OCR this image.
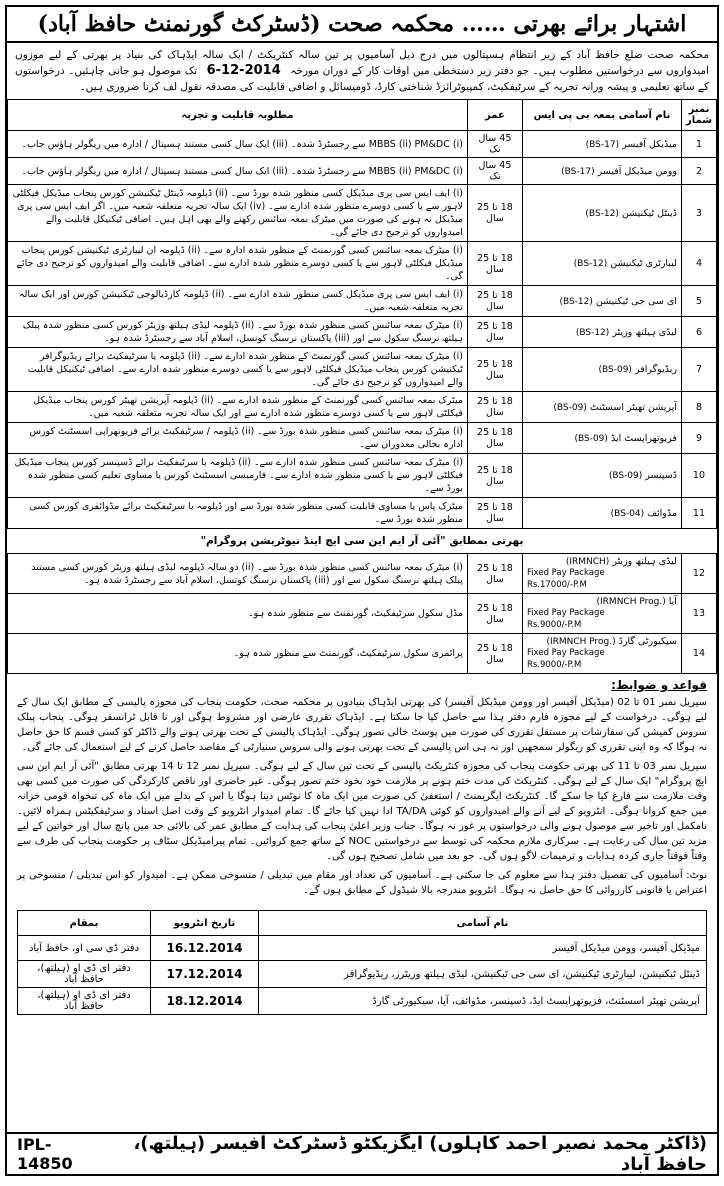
اشتہار برائے بھرتی …… محکمہ صحت (ڈسٹرکٹ گورنمنٹ حافظ آباد)
محکمہ صحت ضلع حافظ آباد کے زیر انتظام ہسپتالوں میں درج ذیل آسامیوں پر تین سالہ کنٹریکٹ / ایک سالہ ایڈہاک کی بنیاد پر بھرتی کے لیے موزوں امیدواروں سے درخواستیں مطلوب ہیں۔ جو دفتر زیر دستخطی میں اوقات کار کے دوران مورخہ 6-12-2014 تک موصول ہو جانی چاہئیں۔ درخواستوں کے ساتھ تعلیمی و پیشہ ورانہ تجربہ کے سرٹیفکیٹ، کمپیوٹرائزڈ شناختی کارڈ، ڈومیسائل و اضافی قابلیت کی مصدقہ نقول لف کرنا ضروری ہیں۔
نمبر شمار	نام آسامی بمعہ بی پی ایس	عمر	مطلوبہ قابلیت و تجربہ
1	میڈیکل آفیسر (BS-17)	45 سال تک	(i) MBBS (ii) PM&DC سے رجسٹرڈ شدہ۔ (iii) ایک سال کسی مستند ہسپتال / ادارہ میں ریگولر ہاؤس جاب۔
2	وومن میڈیکل آفیسر (BS-17)	45 سال تک	(i) MBBS (ii) PM&DC سے رجسٹرڈ شدہ۔ (iii) ایک سال کسی مستند ہسپتال / ادارہ میں ریگولر ہاؤس جاب۔
3	ڈینٹل ٹیکنیشن (BS-12)	18 تا 25 سال	(i) ایف ایس سی پری میڈیکل کسی منظور شدہ بورڈ سے۔ (ii) ڈپلومہ ڈینٹل ٹیکنیشن کورس پنجاب میڈیکل فیکلٹی لاہور سے یا کسی دوسرے منظور شدہ ادارے سے۔ (iv) ایک سالہ تجربہ متعلقہ شعبہ میں۔ اگر ایف ایس سی پری میڈیکل نہ ہونے کی صورت میں میٹرک بمعہ سائنس رکھنے والے بھی اہل ہیں۔ اضافی ٹیکنیکل قابلیت والے امیدواروں کو ترجیح دی جائے گی۔
4	لیبارٹری ٹیکنیشن (BS-12)	18 تا 25 سال	(i) میٹرک بمعہ سائنس کسی گورنمنٹ کے منظور شدہ ادارہ سے۔ (ii) ڈپلومہ ان لیبارٹری ٹیکنیشن کورس پنجاب میڈیکل فیکلٹی لاہور سے یا کسی دوسرے منظور شدہ ادارے سے۔ اضافی قابلیت والے امیدواروں کو ترجیح دی جائے گی۔
5	ای سی جی ٹیکنیشن (BS-12)	18 تا 25 سال	(i) ایف ایس سی پری میڈیکل کسی منظور شدہ ادارے سے۔ (ii) ڈپلومہ کارڈیالوجی ٹیکنیشن کورس اور ایک سالہ تجربہ متعلقہ شعبہ میں۔
6	لیڈی ہیلتھ وزیٹر (BS-12)	18 تا 25 سال	(i) میٹرک بمعہ سائنس کسی منظور شدہ بورڈ سے۔ (ii) ڈپلومہ لیڈی ہیلتھ وزیٹر کورس کسی منظور شدہ پبلک ہیلتھ نرسنگ سکول سے اور (iii) پاکستان نرسنگ کونسل، اسلام آباد سے رجسٹرڈ شدہ ہو۔
7	ریڈیوگرافر (BS-09)	18 تا 25 سال	(i) میٹرک بمعہ سائنس کسی گورنمنٹ کے منظور شدہ ادارے سے۔ (ii) ڈپلومہ یا سرٹیفکیٹ برائے ریڈیوگرافر ٹیکنیشن کورس پنجاب میڈیکل فیکلٹی لاہور سے یا کسی دوسرے منظور شدہ ادارے سے۔ اضافی ٹیکنیکل قابلیت والے امیدواروں کو ترجیح دی جائے گی۔
8	آپریشن تھیٹر اسسٹنٹ (BS-09)	18 تا 25 سال	میٹرک بمعہ سائنس کسی گورنمنٹ کے منظور شدہ ادارے سے۔ (ii) ڈپلومہ آپریشن تھیٹر کورس پنجاب میڈیکل فیکلٹی لاہور سے یا کسی دوسرے منظور شدہ ادارے سے اور ایک سالہ تجربہ متعلقہ شعبہ میں۔
9	فزیوتھراپسٹ ایڈ (BS-09)	18 تا 25 سال	(i) میٹرک بمعہ سائنس کسی منظور شدہ بورڈ سے۔ (ii) ڈپلومہ / سرٹیفکیٹ برائے فزیوتھراپی اسسٹنٹ کورس ادارہ بحالی معذوراں سے۔
10	ڈسپنسر (BS-09)	18 تا 25 سال	(i) میٹرک بمعہ سائنس کسی منظور شدہ ادارے سے۔ (ii) ڈپلومہ یا سرٹیفکیٹ برائے ڈسپنسر کورس پنجاب میڈیکل فیکلٹی لاہور سے یا کسی منظور شدہ ادارے سے۔ فارمیسی اسسٹنٹ کورس یا مساوی تعلیم کسی منظور شدہ بورڈ سے۔
11	مڈوائف (BS-04)	18 تا 25 سال	میٹرک پاس یا مساوی قابلیت کسی منظور شدہ بورڈ سے اور ڈپلومہ یا سرٹیفکیٹ برائے مڈوائفری کورس کسی منظور شدہ بورڈ سے۔
بھرتی بمطابق "آئی آر ایم این سی ایچ اینڈ نیوٹریشن پروگرام"			
12	لیڈی ہیلتھ وزیٹر (IRMNCH)
Fixed Pay Package
Rs.17000/-P.M	18 تا 25 سال	(i) میٹرک بمعہ سائنس کسی منظور شدہ بورڈ سے۔ (ii) دو سالہ ڈپلومہ لیڈی ہیلتھ وزیٹر کورس کسی مستند پبلک ہیلتھ نرسنگ سکول سے اور (iii) پاکستان نرسنگ کونسل، اسلام آباد سے رجسٹرڈ شدہ ہو۔
13	آیا (IRMNCH Prog.)
Fixed Pay Package
Rs.9000/-P.M	18 تا 25 سال	مڈل سکول سرٹیفکیٹ، گورنمنٹ سے منظور شدہ ہو۔
14	سیکیورٹی گارڈ (IRMNCH Prog.)
Fixed Pay Package
Rs.9000/-P.M	18 تا 25 سال	پرائمری سکول سرٹیفکیٹ، گورنمنٹ سے منظور شدہ ہو۔
قواعد و ضوابط:

سیریل نمبر 01 تا 02 (میڈیکل آفیسر اور وومن میڈیکل آفیسر) کی بھرتی ایڈہاک بنیادوں پر محکمہ صحت، حکومت پنجاب کی مجوزہ پالیسی کے مطابق ایک سال کے لیے ہوگی۔ درخواست کے لیے مجوزہ فارم دفتر ہذا سے حاصل کیا جا سکتا ہے۔ ایڈہاک تقرری عارضی اور مشروط ہوگی اور نا قابل ٹرانسفر ہوگی۔ پنجاب پبلک سروس کمیشن کی سفارشات پر مستقل تقرری کی صورت میں پوسٹ خالی تصور ہوگی۔ ایڈہاک پالیسی کے تحت بھرتی ہونے والے ڈاکٹر کو کسی قسم کا حق حاصل نہ ہوگا کہ وہ اپنی تقرری کو ریگولر سمجھیں اور نہ ہی اس پالیسی کے تحت بھرتی ہونے والی سروس سنیارٹی کے مقاصد حاصل کرنے کے لیے استعمال کی جائے گی۔

سیریل نمبر 03 تا 11 کی بھرتی حکومت پنجاب کی مجوزہ کنٹریکٹ پالیسی کے تحت تین سال کے لیے ہوگی۔ سیریل نمبر 12 تا 14 بھرتی مطابق "آئی آر ایم این سی ایچ پروگرام" ایک سال کے لیے ہوگی۔ کنٹریکٹ کی مدت ختم ہونے پر ملازمت خود بخود ختم تصور ہوگی۔ غیر حاضری اور ناقص کارکردگی کی صورت میں کسی بھی وقت ملازمت سے فارغ کیا جا سکے گا۔ کنٹریکٹ ایگریمنٹ / استعفیٰ کی صورت میں ایک ماہ کا نوٹس دینا ہوگا یا اس کے بدلے میں ایک ماہ کی تنخواہ قومی خزانہ میں جمع کروانا ہوگی۔ انٹرویو کے لیے آنے والے امیدواروں کو کوئی TA/DA ادا نہیں کیا جائے گا۔ تمام امیدوار انٹرویو کے وقت اصل اسناد و سرٹیفکیٹس ہمراہ لائیں۔ نامکمل اور تاخیر سے موصول ہونے والی درخواستوں پر غور نہ ہوگا۔ جناب وزیر اعلیٰ پنجاب کی ہدایت کے مطابق عمر کی بالائی حد میں پانچ سال اور خواتین کے لیے مزید تین سال کی رعایت ہے۔ سرکاری ملازم محکمہ کی توسط سے درخواستیں NOC کے ساتھ جمع کروائیں۔ تمام پیرامیڈیکل سٹاف پر حکومت پنجاب کی طرف سے وقتاً فوقتاً جاری کردہ ہدایات و ترمیمات لاگو ہوں گی۔ جو بعد میں شامل تصحیح ہوں گی۔

نوٹ: آسامیوں کی تفصیل دفتر ہذا سے معلوم کی جا سکتی ہے۔ آسامیوں کی تعداد اور مقام میں تبدیلی / منسوخی ممکن ہے۔ امیدوار کو اس تبدیلی / منسوخی پر اعتراض یا قانونی کارروائی کا حق حاصل نہ ہوگا۔ انٹرویو مندرجہ بالا شیڈول کے مطابق ہوں گے۔

نام آسامی	تاریخ انٹرویو	بمقام
میڈیکل آفیسر، وومن میڈیکل آفیسر	16.12.2014	دفتر ڈی سی او، حافظ آباد
ڈینٹل ٹیکنیشن، لیبارٹری ٹیکنیشن، ای سی جی ٹیکنیشن، لیڈی ہیلتھ وزیٹرز، ریڈیوگرافر	17.12.2014	دفتر ای ڈی او (ہیلتھ)، حافظ آباد
آپریشن تھیٹر اسسٹنٹ، فزیوتھراپسٹ ایڈ، ڈسپنسر، مڈوائف، آیا، سیکیورٹی گارڈ	18.12.2014	دفتر ای ڈی او (ہیلتھ)، حافظ آباد
IPL-14850
(ڈاکٹر محمد نصیر احمد کاہلوں) ایگزیکٹو ڈسٹرکٹ آفیسر (ہیلتھ)، حافظ آباد
